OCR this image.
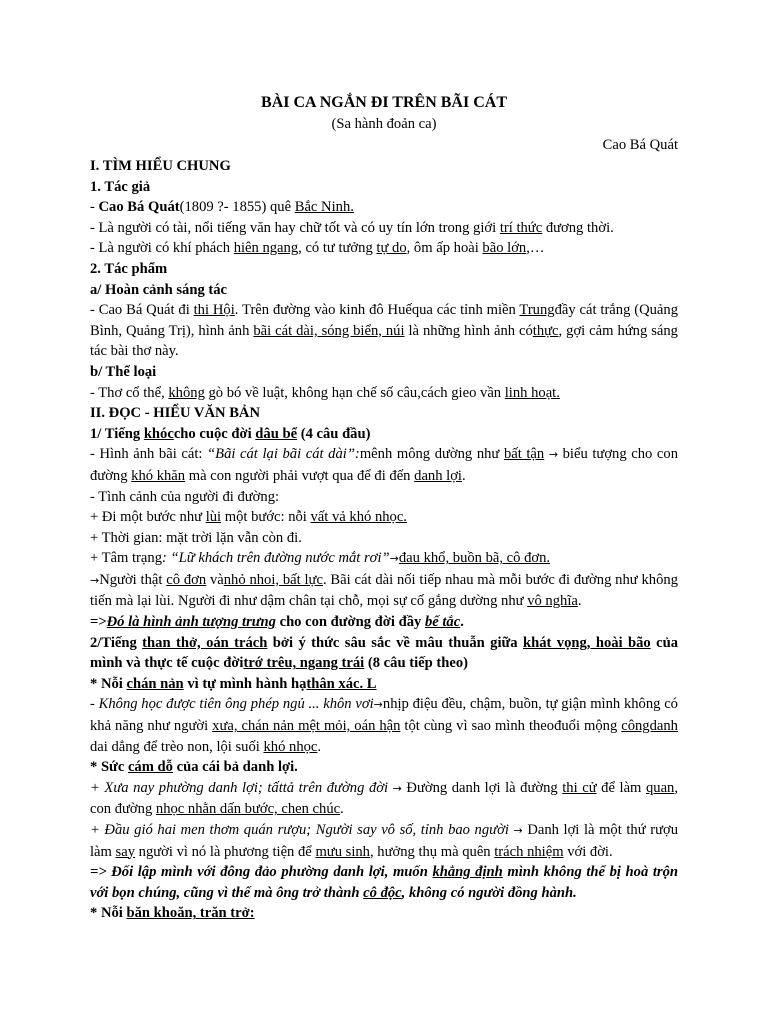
BÀI CA NGẮN ĐI TRÊN BÃI CÁT

(Sa hành đoản ca)

Cao Bá Quát

I. TÌM HIỂU CHUNG

1. Tác giả

- Cao Bá Quát(1809 ?- 1855) quê Bắc Ninh.

- Là người có tài, nổi tiếng văn hay chữ tốt và có uy tín lớn trong giới trí thức đương thời.

- Là người có khí phách hiên ngang, có tư tưởng tự do, ôm ấp hoài bão lớn,…

2. Tác phẩm

a/ Hoàn cảnh sáng tác

- Cao Bá Quát đi thi Hội. Trên đường vào kinh đô Huếqua các tỉnh miền Trungđầy cát trắng (Quảng Bình, Quảng Trị), hình ảnh bãi cát dài, sóng biển, núi là những hình ảnh cóthực, gợi cảm hứng sáng tác bài thơ này.

b/ Thể loại

- Thơ cổ thể, không gò bó về luật, không hạn chế số câu,cách gieo vần linh hoạt.

II. ĐỌC - HIỂU VĂN BẢN

1/ Tiếng khóccho cuộc đời dâu bể (4 câu đầu)

- Hình ảnh bãi cát: “Bãi cát lại bãi cát dài”:mênh mông dường như bất tận → biểu tượng cho con đường khó khăn mà con người phải vượt qua để đi đến danh lợi.

- Tình cảnh của người đi đường:

+ Đi một bước như lùi một bước: nỗi vất vả khó nhọc.

+ Thời gian: mặt trời lặn vẫn còn đi.

+ Tâm trạng: “Lữ khách trên đường nước mắt rơi”→đau khổ, buồn bã, cô đơn.

→Người thật cô đơn vànhỏ nhoi, bất lực. Bãi cát dài nối tiếp nhau mà mỗi bước đi đường như không tiến mà lại lùi. Người đi như dậm chân tại chỗ, mọi sự cố gắng dường như vô nghĩa.

=>Đó là hình ảnh tượng trưng cho con đường đời đầy bế tắc.

2/Tiếng than thở, oán trách bởi ý thức sâu sắc về mâu thuẫn giữa khát vọng, hoài bão của mình và thực tế cuộc đờitrớ trêu, ngang trái (8 câu tiếp theo)

* Nỗi chán nản vì tự mình hành hạthân xác. L

- Không học được tiên ông phép ngủ ... khôn vơi→nhịp điệu đều, chậm, buồn, tự giận mình không có khả năng như người xưa, chán nản mệt mỏi, oán hận tột cùng vì sao mình theođuổi mộng côngdanh dai dẳng để trèo non, lội suối khó nhọc.

* Sức cám dỗ của cái bả danh lợi.

+ Xưa nay phường danh lợi; tấttả trên đường đời → Đường danh lợi là đường thi cử để làm quan, con đường nhọc nhằn dấn bước, chen chúc.

+ Đầu gió hai men thơm quán rượu; Người say vô số, tỉnh bao người → Danh lợi là một thứ rượu làm say người vì nó là phương tiện để mưu sinh, hưởng thụ mà quên trách nhiệm với đời.

=> Đối lập mình với đông đảo phường danh lợi, muốn khẳng định mình không thể bị hoà trộn với bọn chúng, cũng vì thế mà ông trở thành cô độc, không có người đồng hành.

* Nỗi băn khoăn, trăn trở:
